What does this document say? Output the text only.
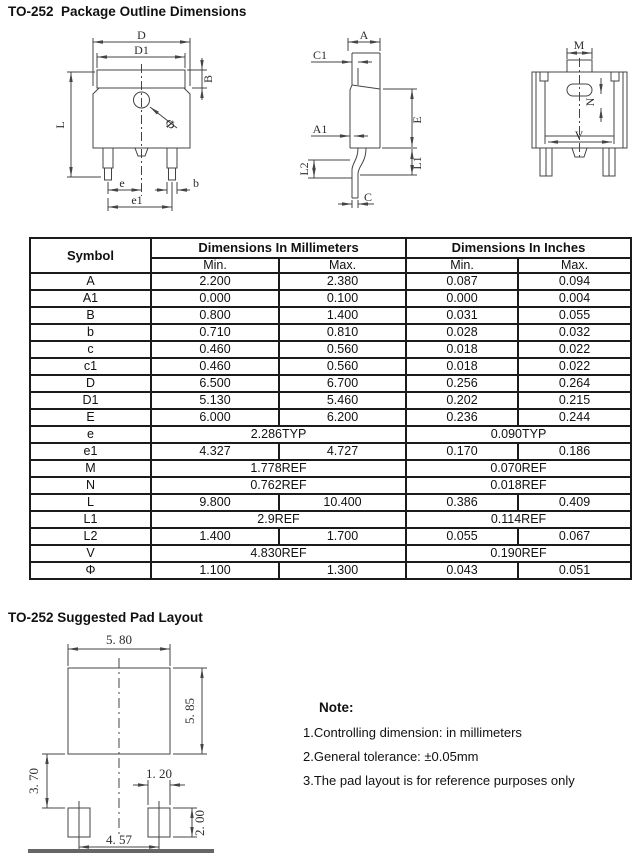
TO-252  Package Outline Dimensions
D
D1
B
L
e	b
e1
Φ
A
C1
A1
L2
C
E
L1
M
N
V
Symbol	Dimensions In Millimeters		Dimensions In Inches	
	Min.	Max.	Min.	Max.
A	2.200	2.380	0.087	0.094
A1	0.000	0.100	0.000	0.004
B	0.800	1.400	0.031	0.055
b	0.710	0.810	0.028	0.032
c	0.460	0.560	0.018	0.022
c1	0.460	0.560	0.018	0.022
D	6.500	6.700	0.256	0.264
D1	5.130	5.460	0.202	0.215
E	6.000	6.200	0.236	0.244
e	2.286TYP		0.090TYP	
e1	4.327	4.727	0.170	0.186
M	1.778REF		0.070REF	
N	0.762REF		0.018REF	
L	9.800	10.400	0.386	0.409
L1	2.9REF		0.114REF	
L2	1.400	1.700	0.055	0.067
V	4.830REF		0.190REF	
Φ	1.100	1.300	0.043	0.051
TO-252 Suggested Pad Layout
5. 80
5. 85
3. 70	1. 20
2. 00
4. 57
Note:
1.Controlling dimension: in millimeters
2.General tolerance: ±0.05mm
3.The pad layout is for reference purposes only
